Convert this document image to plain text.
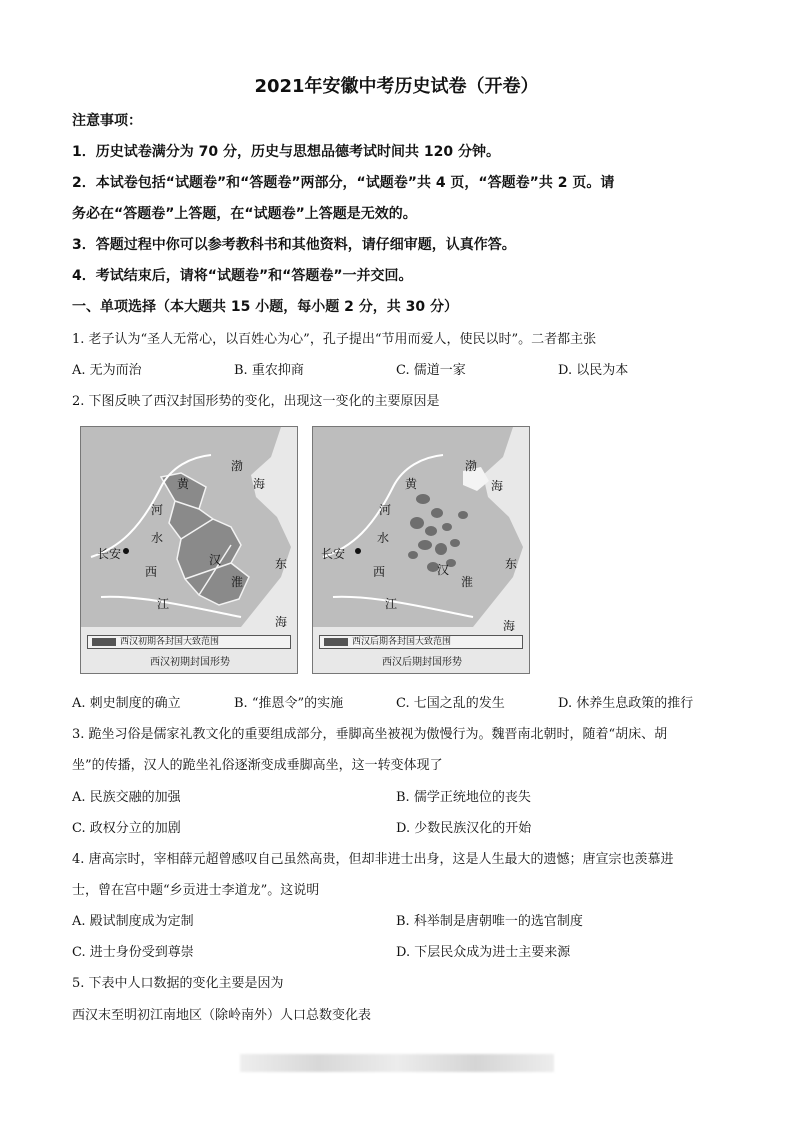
2021年安徽中考历史试卷（开卷）
注意事项：
1．历史试卷满分为 70 分，历史与思想品德考试时间共 120 分钟。
2．本试卷包括“试题卷”和“答题卷”两部分，“试题卷”共 4 页，“答题卷”共 2 页。请
务必在“答题卷”上答题，在“试题卷”上答题是无效的。
3．答题过程中你可以参考教科书和其他资料，请仔细审题，认真作答。
4．考试结束后，请将“试题卷”和“答题卷”一并交回。
一、单项选择（本大题共 15 小题，每小题 2 分，共 30 分）
1. 老子认为“圣人无常心，以百姓心为心”，孔子提出“节用而爱人，使民以时”。二者都主张
A. 无为而治	B. 重农抑商	C. 儒道一家	D. 以民为本
2. 下图反映了西汉封国形势的变化，出现这一变化的主要原因是
长安
西
汉
河
水
江
渤
海
东
海
淮
黄
西汉初期各封国大致范围
西汉初期封国形势
长安
西	汉
河
水
江
渤
海
东
海
淮
黄
西汉后期各封国大致范围
西汉后期封国形势
A. 刺史制度的确立	B. “推恩令”的实施	C. 七国之乱的发生	D. 休养生息政策的推行
3. 跪坐习俗是儒家礼教文化的重要组成部分，垂脚高坐被视为傲慢行为。魏晋南北朝时，随着“胡床、胡
坐”的传播，汉人的跪坐礼俗逐渐变成垂脚高坐，这一转变体现了
A. 民族交融的加强	B. 儒学正统地位的丧失
C. 政权分立的加剧	D. 少数民族汉化的开始
4. 唐高宗时，宰相薛元超曾感叹自己虽然高贵，但却非进士出身，这是人生最大的遗憾；唐宣宗也羡慕进
士，曾在宫中题“乡贡进士李道龙”。这说明
A. 殿试制度成为定制	B. 科举制是唐朝唯一的选官制度
C. 进士身份受到尊崇	D. 下层民众成为进士主要来源
5. 下表中人口数据的变化主要是因为
西汉末至明初江南地区（除岭南外）人口总数变化表
